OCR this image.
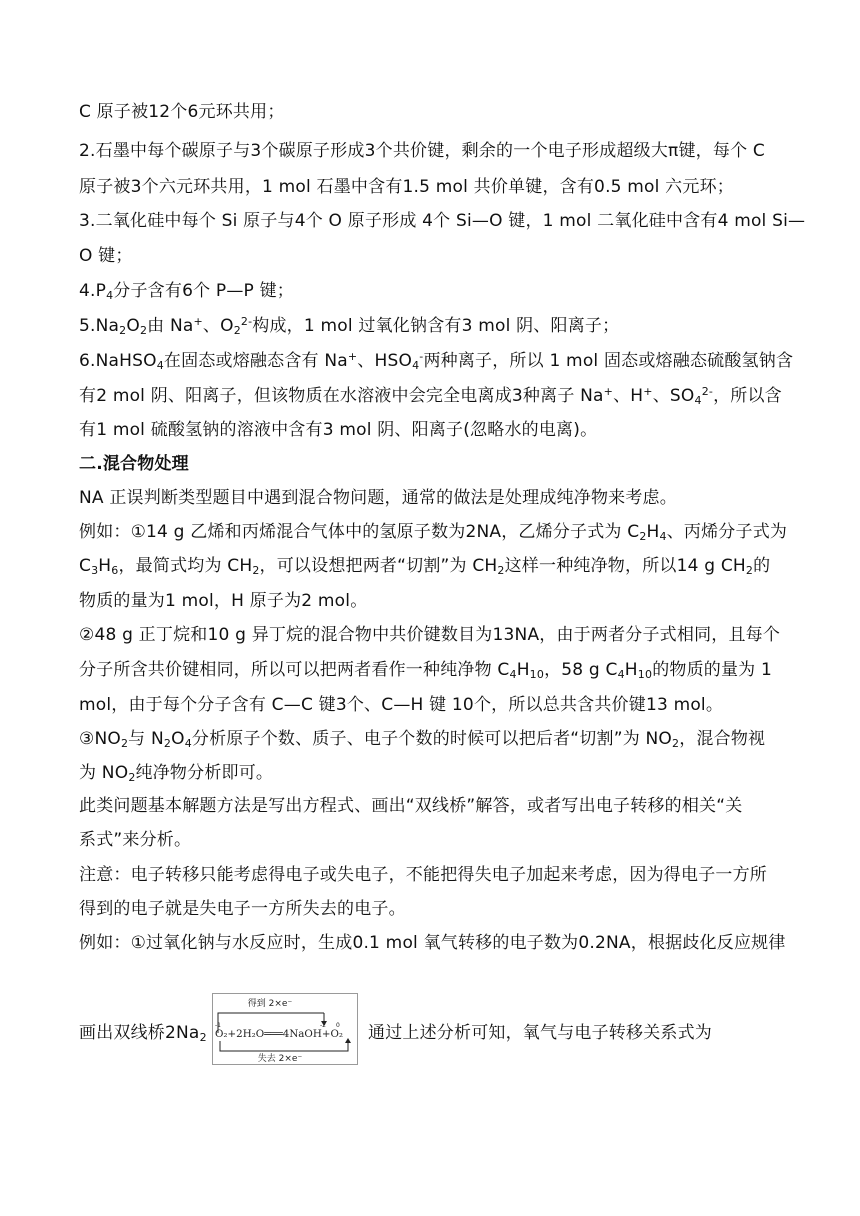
C 原子被12个6元环共用；
2.石墨中每个碳原子与3个碳原子形成3个共价键，剩余的一个电子形成超级大π键，每个 C
原子被3个六元环共用，1 mol 石墨中含有1.5 mol 共价单键，含有0.5 mol 六元环；
3.二氧化硅中每个 Si 原子与4个 O 原子形成 4个 Si—O 键，1 mol 二氧化硅中含有4 mol Si—
O 键；
$4.P_4$分子含有6个 P—P 键；
$5.Na_2O_2$由 Na+、$O_2^{2-}$构成，1 mol 过氧化钠含有3 mol 阴、阳离子；
6.NaHSO$_4$在固态或熔融态含有 Na+、$HSO_4^-$两种离子，所以 1 mol 固态或熔融态硫酸氢钠含
有2 mol 阴、阳离子，但该物质在水溶液中会完全电离成3种离子 Na+、H+、$SO_4^{2-}$，所以含
有1 mol 硫酸氢钠的溶液中含有3 mol 阴、阳离子(忽略水的电离)。
二.混合物处理
NA 正误判断类型题目中遇到混合物问题，通常的做法是处理成纯净物来考虑。
例如：①14 g 乙烯和丙烯混合气体中的氢原子数为2NA，乙烯分子式为 $C_2H_4$、丙烯分子式为
$C_3H_6$，最简式均为 $CH_2$，可以设想把两者“切割”为 $CH_2$这样一种纯净物，所以14 g $CH_2$的
物质的量为1 mol，H 原子为2 mol。
②48 g 正丁烷和10 g 异丁烷的混合物中共价键数目为13NA，由于两者分子式相同，且每个
分子所含共价键相同，所以可以把两者看作一种纯净物 $C_4H_{10}$，58 g $C_4H_{10}$的物质的量为 1
mol，由于每个分子含有 C—C 键3个、C—H 键 10个，所以总共含共价键13 mol。
$③NO_2$与 $N_2O_4$分析原子个数、质子、电子个数的时候可以把后者“切割”为 $NO_2$，混合物视
为 $NO_2$纯净物分析即可。
此类问题基本解题方法是写出方程式、画出“双线桥”解答，或者写出电子转移的相关“关
系式”来分析。
注意：电子转移只能考虑得电子或失电子，不能把得失电子加起来考虑，因为得电子一方所
得到的电子就是失电子一方所失去的电子。
例如：①过氧化钠与水反应时，生成0.1 mol 氧气转移的电子数为0.2NA，根据歧化反应规律
画出双线桥$2Na_2$
得到 2×e⁻
-1	-2 0
O₂+2H₂O═══4NaOH+O₂
失去 2×e⁻
通过上述分析可知，氧气与电子转移关系式为
